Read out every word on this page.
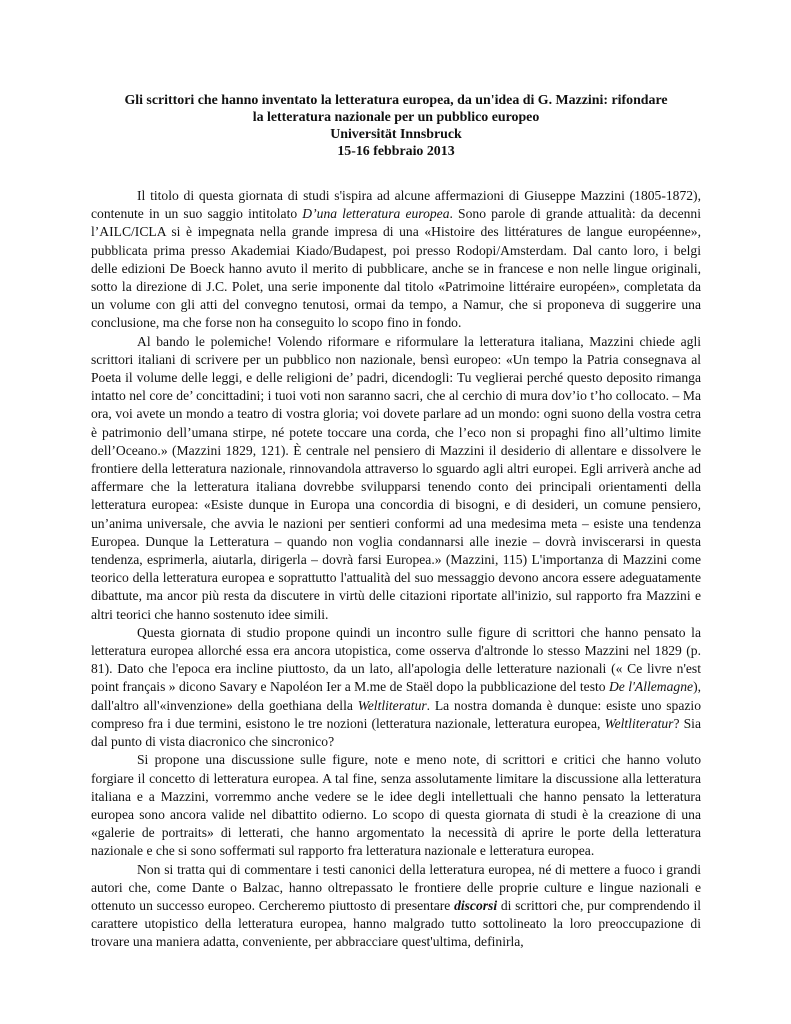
Gli scrittori che hanno inventato la letteratura europea, da un'idea di G. Mazzini: rifondare
la letteratura nazionale per un pubblico europeo
Universität Innsbruck
15-16 febbraio 2013

Il titolo di questa giornata di studi s'ispira ad alcune affermazioni di Giuseppe Mazzini (1805-1872), contenute in un suo saggio intitolato D’una letteratura europea. Sono parole di grande attualità: da decenni l’AILC/ICLA si è impegnata nella grande impresa di una «Histoire des littératures de langue européenne», pubblicata prima presso Akademiai Kiado/Budapest, poi presso Rodopi/Amsterdam. Dal canto loro, i belgi delle edizioni De Boeck hanno avuto il merito di pubblicare, anche se in francese e non nelle lingue originali, sotto la direzione di J.C. Polet, una serie imponente dal titolo «Patrimoine littéraire européen», completata da un volume con gli atti del convegno tenutosi, ormai da tempo, a Namur, che si proponeva di suggerire una conclusione, ma che forse non ha conseguito lo scopo fino in fondo.

Al bando le polemiche! Volendo riformare e riformulare la letteratura italiana, Mazzini chiede agli scrittori italiani di scrivere per un pubblico non nazionale, bensì europeo: «Un tempo la Patria consegnava al Poeta il volume delle leggi, e delle religioni de’ padri, dicendogli: Tu veglierai perché questo deposito rimanga intatto nel core de’ concittadini; i tuoi voti non saranno sacri, che al cerchio di mura dov’io t’ho collocato. – Ma ora, voi avete un mondo a teatro di vostra gloria; voi dovete parlare ad un mondo: ogni suono della vostra cetra è patrimonio dell’umana stirpe, né potete toccare una corda, che l’eco non si propaghi fino all’ultimo limite dell’Oceano.» (Mazzini 1829, 121). È centrale nel pensiero di Mazzini il desiderio di allentare e dissolvere le frontiere della letteratura nazionale, rinnovandola attraverso lo sguardo agli altri europei. Egli arriverà anche ad affermare che la letteratura italiana dovrebbe svilupparsi tenendo conto dei principali orientamenti della letteratura europea: «Esiste dunque in Europa una concordia di bisogni, e di desideri, un comune pensiero, un’anima universale, che avvia le nazioni per sentieri conformi ad una medesima meta – esiste una tendenza Europea. Dunque la Letteratura – quando non voglia condannarsi alle inezie – dovrà inviscerarsi in questa tendenza, esprimerla, aiutarla, dirigerla – dovrà farsi Europea.» (Mazzini, 115) L'importanza di Mazzini come teorico della letteratura europea e soprattutto l'attualità del suo messaggio devono ancora essere adeguatamente dibattute, ma ancor più resta da discutere in virtù delle citazioni riportate all'inizio, sul rapporto fra Mazzini e altri teorici che hanno sostenuto idee simili.

Questa giornata di studio propone quindi un incontro sulle figure di scrittori che hanno pensato la letteratura europea allorché essa era ancora utopistica, come osserva d'altronde lo stesso Mazzini nel 1829 (p. 81). Dato che l'epoca era incline piuttosto, da un lato, all'apologia delle letterature nazionali (« Ce livre n'est point français » dicono Savary e Napoléon Ier a M.me de Staël dopo la pubblicazione del testo De l'Allemagne), dall'altro all'«invenzione» della goethiana della Weltliteratur. La nostra domanda è dunque: esiste uno spazio compreso fra i due termini, esistono le tre nozioni (letteratura nazionale, letteratura europea, Weltliteratur? Sia dal punto di vista diacronico che sincronico?

Si propone una discussione sulle figure, note e meno note, di scrittori e critici che hanno voluto forgiare il concetto di letteratura europea. A tal fine, senza assolutamente limitare la discussione alla letteratura italiana e a Mazzini, vorremmo anche vedere se le idee degli intellettuali che hanno pensato la letteratura europea sono ancora valide nel dibattito odierno. Lo scopo di questa giornata di studi è la creazione di una «galerie de portraits» di letterati, che hanno argomentato la necessità di aprire le porte della letteratura nazionale e che si sono soffermati sul rapporto fra letteratura nazionale e letteratura europea.

Non si tratta qui di commentare i testi canonici della letteratura europea, né di mettere a fuoco i grandi autori che, come Dante o Balzac, hanno oltrepassato le frontiere delle proprie culture e lingue nazionali e ottenuto un successo europeo. Cercheremo piuttosto di presentare discorsi di scrittori che, pur comprendendo il carattere utopistico della letteratura europea, hanno malgrado tutto sottolineato la loro preoccupazione di trovare una maniera adatta, conveniente, per abbracciare quest'ultima, definirla,
